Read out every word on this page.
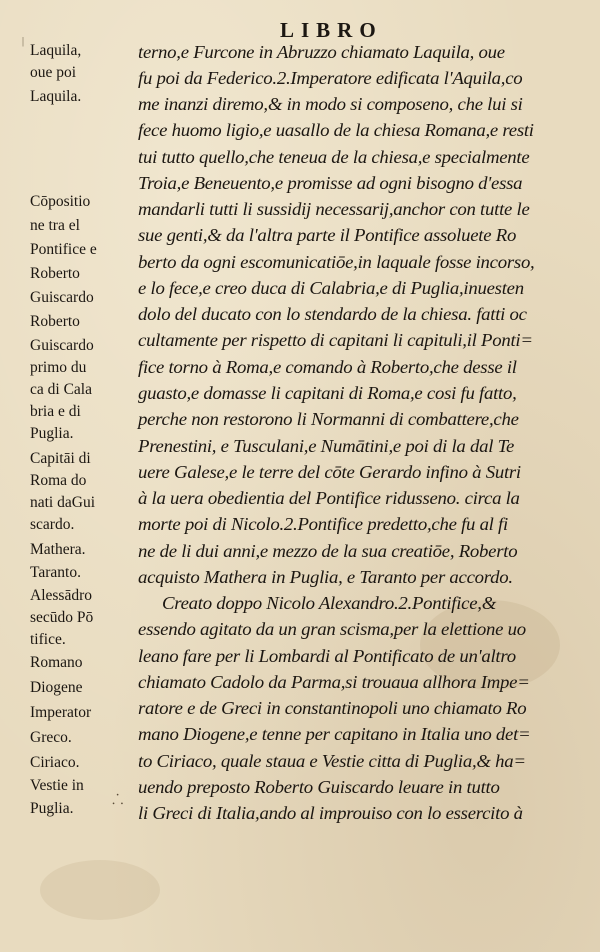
|	LIBRO
Laquila,
oue poi
Laquila.
Cōpositio
ne tra el
Pontifice e
Roberto
Guiscardo
Roberto
Guiscardo
primo du
ca di Cala
bria e di
Puglia.
Capitāi di
Roma do
nati daGui
scardo.
Mathera.
Taranto.
Alessādro
secūdo Pō
tifice.
Romano
Diogene
Imperator
Greco.
Ciriaco.
Vestie in
Puglia.
terno,e Furcone in Abruzzo chiamato Laquila, oue
fu poi da Federico.2.Imperatore edificata l'Aquila,co
me inanzi diremo,& in modo si composeno, che lui si
fece huomo ligio,e uasallo de la chiesa Romana,e resti
tui tutto quello,che teneua de la chiesa,e specialmente
Troia,e Beneuento,e promisse ad ogni bisogno d'essa
mandarli tutti li sussidij necessarij,anchor con tutte le
sue genti,& da l'altra parte il Pontifice assoluete Ro
berto da ogni escomunicatiōe,in laquale fosse incorso,
e lo fece,e creo duca di Calabria,e di Puglia,inuesten
dolo del ducato con lo stendardo de la chiesa. fatti oc
cultamente per rispetto di capitani li capituli,il Ponti=
fice torno à Roma,e comando à Roberto,che desse il
guasto,e domasse li capitani di Roma,e cosi fu fatto,
perche non restorono li Normanni di combattere,che
Prenestini, e Tusculani,e Numātini,e poi di la dal Te
uere Galese,e le terre del cōte Gerardo infino à Sutri
à la uera obedientia del Pontifice ridussenо. circa la
morte poi di Nicolo.2.Pontifice predetto,che fu al fi
ne de li dui anni,e mezzo de la sua creatiōe, Roberto
acquisto Mathera in Puglia, e Taranto per accordo.
Creato doppo Nicolo Alexandro.2.Pontifice,&
essendo agitato da un gran scisma,per la elettione uo
leano fare per li Lombardi al Pontificato de un'altro
chiamato Cadolo da Parma,si trouaua allhora Impe=
ratore e de Greci in constantinopoli uno chiamato Ro
mano Diogene,e tenne per capitano in Italia uno det=
to Ciriaco, quale staua e Vestie citta di Puglia,& ha=
uendo preposto Roberto Guiscardo leuare in tutto
li Greci di Italia,ando al improuiso con lo essercito à
⸫
